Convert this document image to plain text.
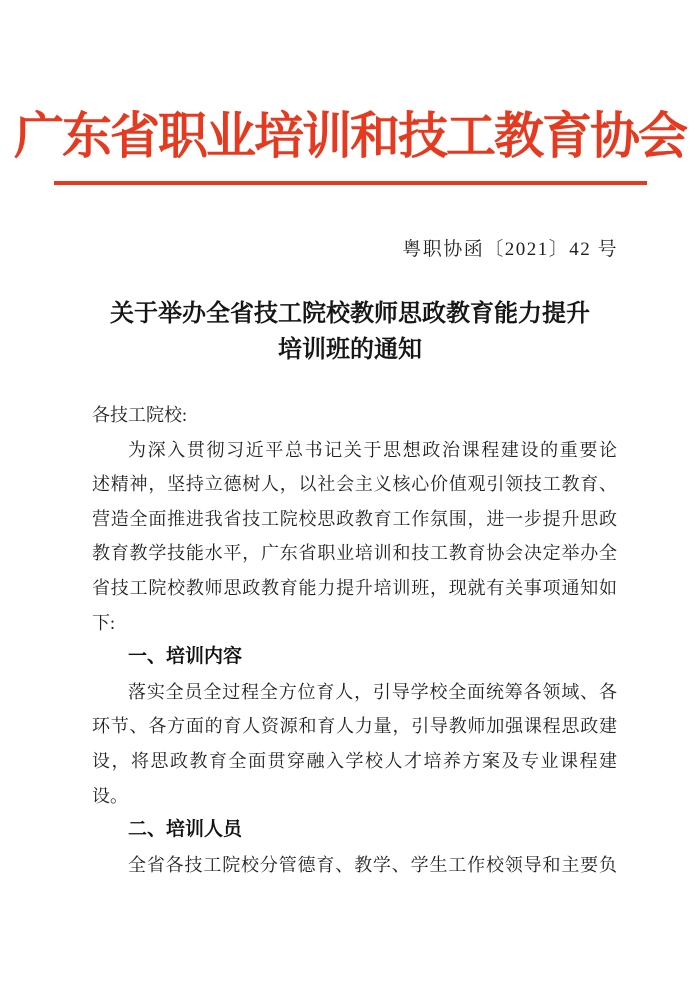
广东省职业培训和技工教育协会
粤职协函〔2021〕42 号
关于举办全省技工院校教师思政教育能力提升
培训班的通知
各技工院校:
为深入贯彻习近平总书记关于思想政治课程建设的重要论
述精神，坚持立德树人，以社会主义核心价值观引领技工教育、
营造全面推进我省技工院校思政教育工作氛围，进一步提升思政
教育教学技能水平，广东省职业培训和技工教育协会决定举办全
省技工院校教师思政教育能力提升培训班，现就有关事项通知如
下:
一、培训内容
落实全员全过程全方位育人，引导学校全面统筹各领域、各
环节、各方面的育人资源和育人力量，引导教师加强课程思政建
设，将思政教育全面贯穿融入学校人才培养方案及专业课程建
设。
二、培训人员
全省各技工院校分管德育、教学、学生工作校领导和主要负
